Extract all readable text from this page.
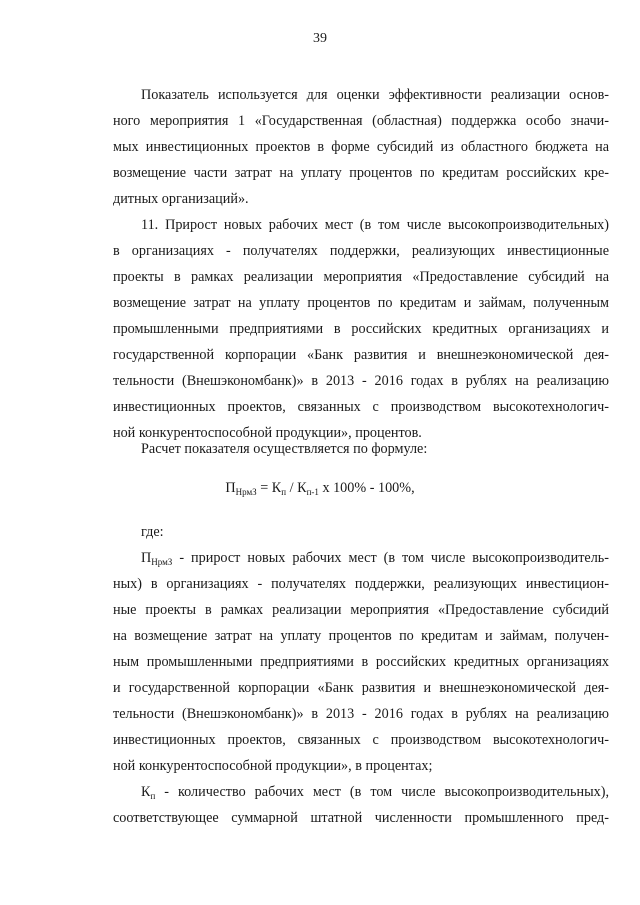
39
Показатель используется для оценки эффективности реализации основ-
ного мероприятия 1 «Государственная (областная) поддержка особо значи-
мых инвестиционных проектов в форме субсидий из областного бюджета на
возмещение части затрат на уплату процентов по кредитам российских кре-
дитных организаций».
11. Прирост новых рабочих мест (в том числе высокопроизводительных)
в организациях - получателях поддержки, реализующих инвестиционные
проекты в рамках реализации мероприятия «Предоставление субсидий на
возмещение затрат на уплату процентов по кредитам и займам, полученным
промышленными предприятиями в российских кредитных организациях и
государственной корпорации «Банк развития и внешнеэкономической дея-
тельности (Внешэкономбанк)» в 2013 - 2016 годах в рублях на реализацию
инвестиционных проектов, связанных с производством высокотехнологич-
ной конкурентоспособной продукции», процентов.
Расчет показателя осуществляется по формуле:
$П_{НрмЗ} = К_п / К_{п-1}$ х 100% - 100%,
где:
$П_{НрмЗ}$ - прирост новых рабочих мест (в том числе высокопроизводитель-
ных) в организациях - получателях поддержки, реализующих инвестицион-
ные проекты в рамках реализации мероприятия «Предоставление субсидий
на возмещение затрат на уплату процентов по кредитам и займам, получен-
ным промышленными предприятиями в российских кредитных организациях
и государственной корпорации «Банк развития и внешнеэкономической дея-
тельности (Внешэкономбанк)» в 2013 - 2016 годах в рублях на реализацию
инвестиционных проектов, связанных с производством высокотехнологич-
ной конкурентоспособной продукции», в процентах;
$К_п$ - количество рабочих мест (в том числе высокопроизводительных),
соответствующее суммарной штатной численности промышленного пред-
